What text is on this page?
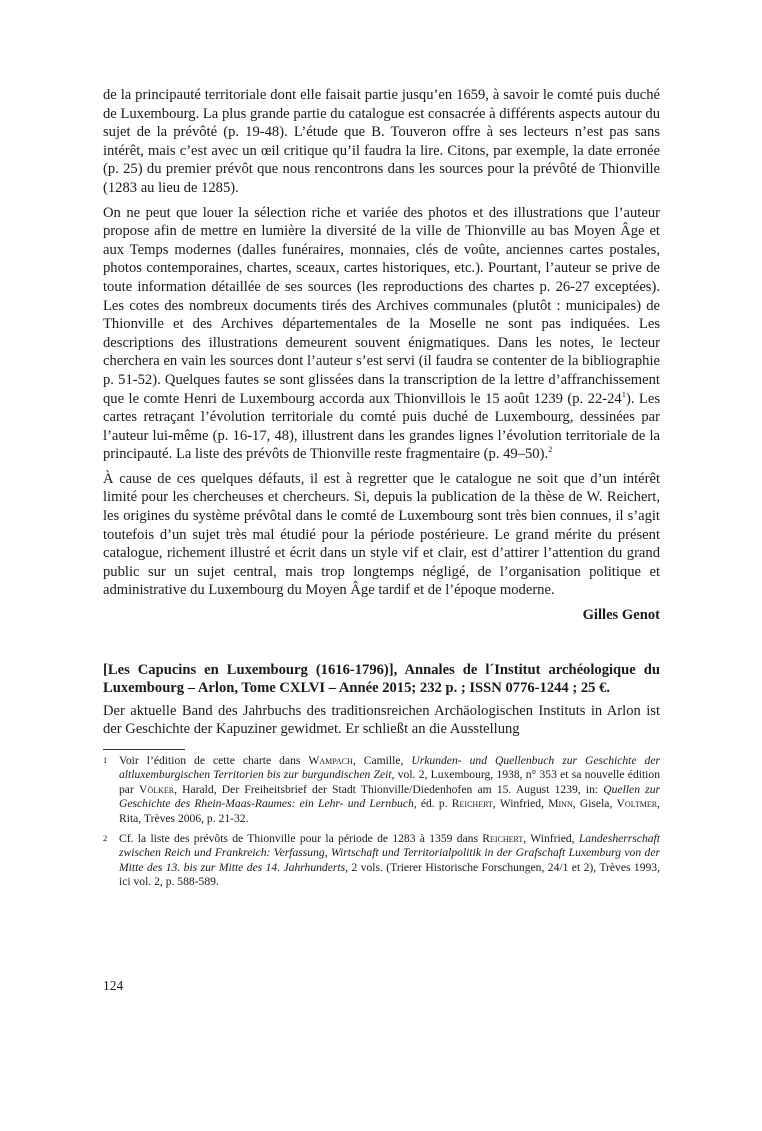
de la principauté territoriale dont elle faisait partie jusqu’en 1659, à savoir le comté puis duché de Luxembourg. La plus grande partie du catalogue est consacrée à différents aspects autour du sujet de la prévôté (p. 19-48). L’étude que B. Touveron offre à ses lecteurs n’est pas sans intérêt, mais c’est avec un œil critique qu’il faudra la lire. Citons, par exemple, la date erronée (p. 25) du premier prévôt que nous rencontrons dans les sources pour la prévôté de Thionville (1283 au lieu de 1285).

On ne peut que louer la sélection riche et variée des photos et des illustrations que l’auteur propose afin de mettre en lumière la diversité de la ville de Thionville au bas Moyen Âge et aux Temps modernes (dalles funéraires, monnaies, clés de voûte, anciennes cartes postales, photos contemporaines, chartes, sceaux, cartes historiques, etc.). Pourtant, l’auteur se prive de toute information détaillée de ses sources (les reproductions des chartes p. 26-27 exceptées). Les cotes des nombreux documents tirés des Archives communales (plutôt : municipales) de Thionville et des Archives départementales de la Moselle ne sont pas indiquées. Les descriptions des illustrations demeurent souvent énigmatiques. Dans les notes, le lecteur cherchera en vain les sources dont l’auteur s’est servi (il faudra se contenter de la bibliographie p. 51-52). Quelques fautes se sont glissées dans la transcription de la lettre d’affranchissement que le comte Henri de Luxembourg accorda aux Thionvillois le 15 août 1239 (p. $22-24^1$). Les cartes retraçant l’évolution territoriale du comté puis duché de Luxembourg, dessinées par l’auteur lui-même (p. 16-17, 48), illustrent dans les grandes lignes l’évolution territoriale de la principauté. La liste des prévôts de Thionville reste fragmentaire (p. 49–50).$^2$

À cause de ces quelques défauts, il est à regretter que le catalogue ne soit que d’un intérêt limité pour les chercheuses et chercheurs. Si, depuis la publication de la thèse de W. Reichert, les origines du système prévôtal dans le comté de Luxembourg sont très bien connues, il s’agit toutefois d’un sujet très mal étudié pour la période postérieure. Le grand mérite du présent catalogue, richement illustré et écrit dans un style vif et clair, est d’attirer l’attention du grand public sur un sujet central, mais trop longtemps négligé, de l’organisation politique et administrative du Luxembourg du Moyen Âge tardif et de l’époque moderne.

Gilles Genot

[Les Capucins en Luxembourg (1616-1796)], Annales de l´Institut archéologique du Luxembourg – Arlon, Tome CXLVI – Année 2015; 232 p. ; ISSN 0776-1244 ; 25 €.

Der aktuelle Band des Jahrbuchs des traditionsreichen Archäologischen Instituts in Arlon ist der Geschichte der Kapuziner gewidmet. Er schließt an die Ausstellung

1 Voir l’édition de cette charte dans Wampach, Camille, Urkunden- und Quellenbuch zur Geschichte der altluxemburgischen Territorien bis zur burgundischen Zeit, vol. 2, Luxembourg, 1938, n° 353 et sa nouvelle édition par Völker, Harald, Der Freiheitsbrief der Stadt Thionville/Diedenhofen am 15. August 1239, in: Quellen zur Geschichte des Rhein-Maas-Raumes: ein Lehr- und Lernbuch, éd. p. Reichert, Winfried, Minn, Gisela, Voltmer, Rita, Trèves 2006, p. 21-32.

2 Cf. la liste des prévôts de Thionville pour la période de 1283 à 1359 dans Reichert, Winfried, Landesherrschaft zwischen Reich und Frankreich: Verfassung, Wirtschaft und Territorialpolitik in der Grafschaft Luxemburg von der Mitte des 13. bis zur Mitte des 14. Jahrhunderts, 2 vols. (Trierer Historische Forschungen, 24/1 et 2), Trèves 1993, ici vol. 2, p. 588-589.

124
